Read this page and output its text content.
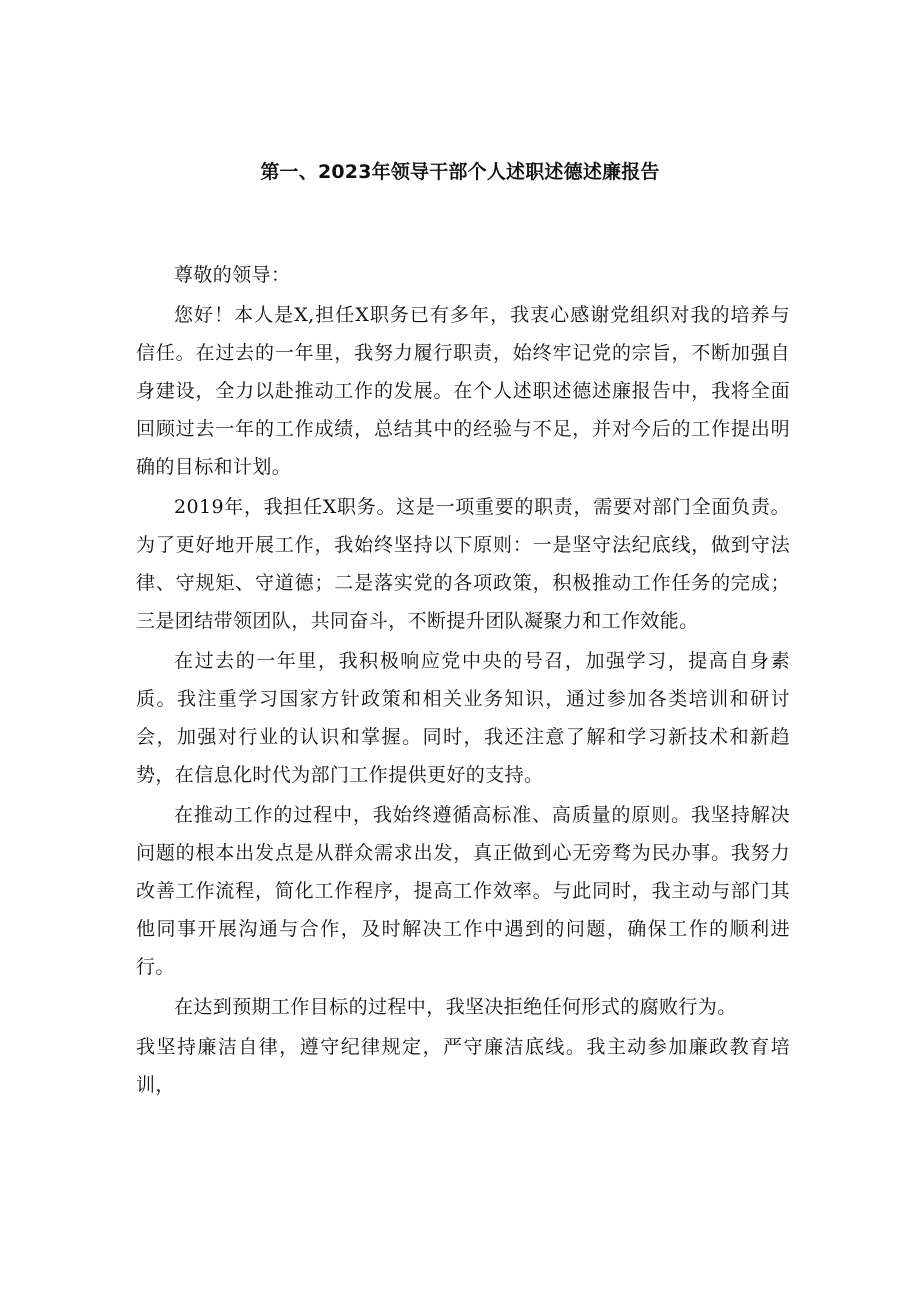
第一、2023年领导干部个人述职述德述廉报告

尊敬的领导：

您好！本人是X,担任X职务已有多年，我衷心感谢党组织对我的培养与信任。在过去的一年里，我努力履行职责，始终牢记党的宗旨，不断加强自身建设，全力以赴推动工作的发展。在个人述职述德述廉报告中，我将全面回顾过去一年的工作成绩，总结其中的经验与不足，并对今后的工作提出明确的目标和计划。

2019年，我担任X职务。这是一项重要的职责，需要对部门全面负责。为了更好地开展工作，我始终坚持以下原则：一是坚守法纪底线，做到守法律、守规矩、守道德；二是落实党的各项政策，积极推动工作任务的完成；三是团结带领团队，共同奋斗，不断提升团队凝聚力和工作效能。

在过去的一年里，我积极响应党中央的号召，加强学习，提高自身素质。我注重学习国家方针政策和相关业务知识，通过参加各类培训和研讨会，加强对行业的认识和掌握。同时，我还注意了解和学习新技术和新趋势，在信息化时代为部门工作提供更好的支持。

在推动工作的过程中，我始终遵循高标准、高质量的原则。我坚持解决问题的根本出发点是从群众需求出发，真正做到心无旁骛为民办事。我努力改善工作流程，简化工作程序，提高工作效率。与此同时，我主动与部门其他同事开展沟通与合作，及时解决工作中遇到的问题，确保工作的顺利进行。

在达到预期工作目标的过程中，我坚决拒绝任何形式的腐败行为。

我坚持廉洁自律，遵守纪律规定，严守廉洁底线。我主动参加廉政教育培训，
